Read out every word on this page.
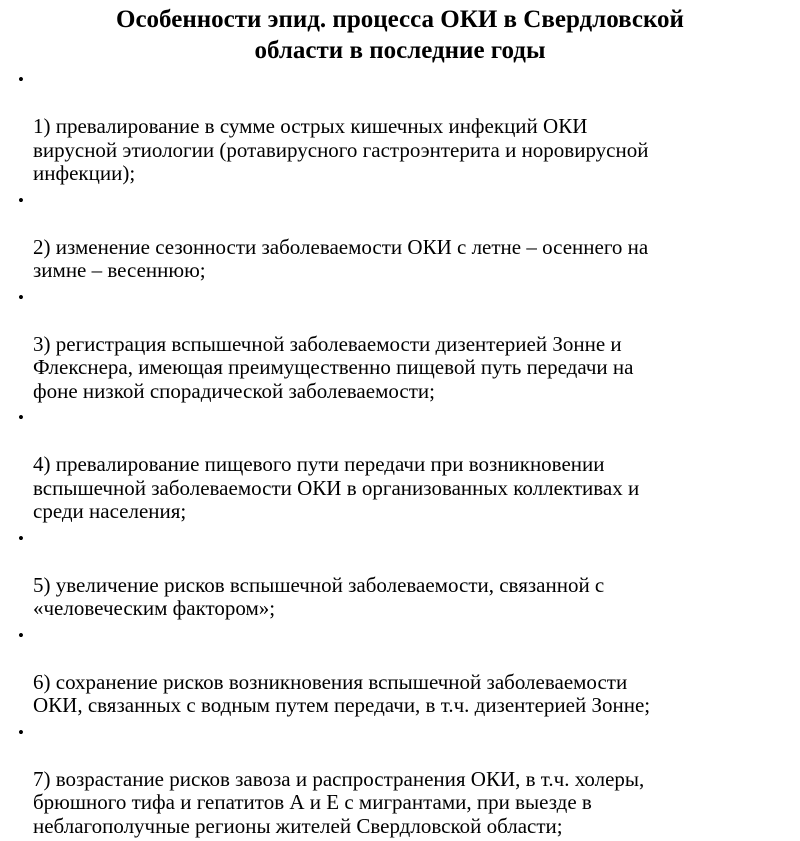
Особенности эпид. процесса ОКИ в Свердловской
области в последние годы

•

1) превалирование в сумме острых кишечных инфекций ОКИ
вирусной этиологии (ротавирусного гастроэнтерита и норовирусной
инфекции);

•

2) изменение сезонности заболеваемости ОКИ с летне – осеннего на
зимне – весеннюю;

•

3) регистрация вспышечной заболеваемости дизентерией Зонне и
Флекснера, имеющая преимущественно пищевой путь передачи на
фоне низкой спорадической заболеваемости;

•

4) превалирование пищевого пути передачи при возникновении
вспышечной заболеваемости ОКИ в организованных коллективах и
среди населения;

•

5) увеличение рисков вспышечной заболеваемости, связанной с
«человеческим фактором»;

•

6) сохранение рисков возникновения вспышечной заболеваемости
ОКИ, связанных с водным путем передачи, в т.ч. дизентерией Зонне;

•

7) возрастание рисков завоза и распространения ОКИ, в т.ч. холеры,
брюшного тифа и гепатитов А и Е с мигрантами, при выезде в
неблагополучные регионы жителей Свердловской области;
